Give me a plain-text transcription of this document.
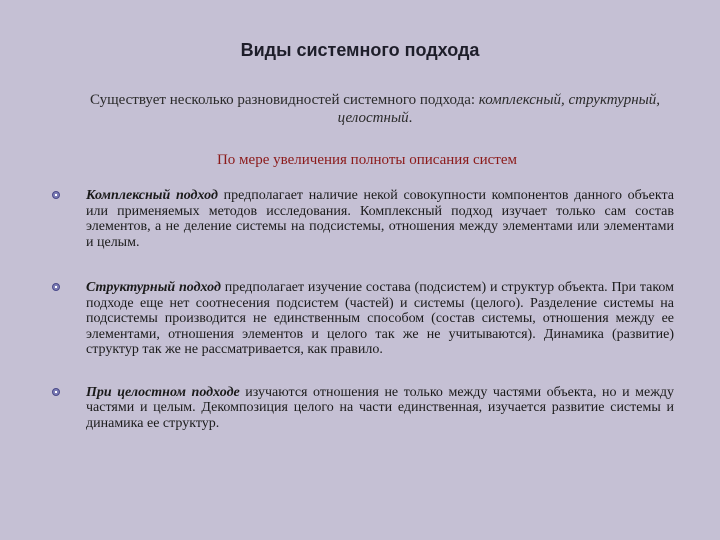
Виды системного подхода
Существует несколько разновидностей системного подхода: комплексный, структурный, целостный.
По мере увеличения полноты описания систем
Комплексный подход предполагает наличие некой совокупности компонентов данного объекта или применяемых методов исследования. Комплексный подход изучает только сам состав элементов, а не деление системы на подсистемы, отношения между элементами или элементами и целым.
Структурный подход предполагает изучение состава (подсистем) и структур объекта. При таком подходе еще нет соотнесения подсистем (частей) и системы (целого). Разделение системы на подсистемы производится не единственным способом (состав системы, отношения между ее элементами, отношения элементов и целого так же не учитываются). Динамика (развитие) структур так же не рассматривается, как правило.
При целостном подходе изучаются отношения не только между частями объекта, но и между частями и целым. Декомпозиция целого на части единственная, изучается развитие системы и динамика ее структур.
